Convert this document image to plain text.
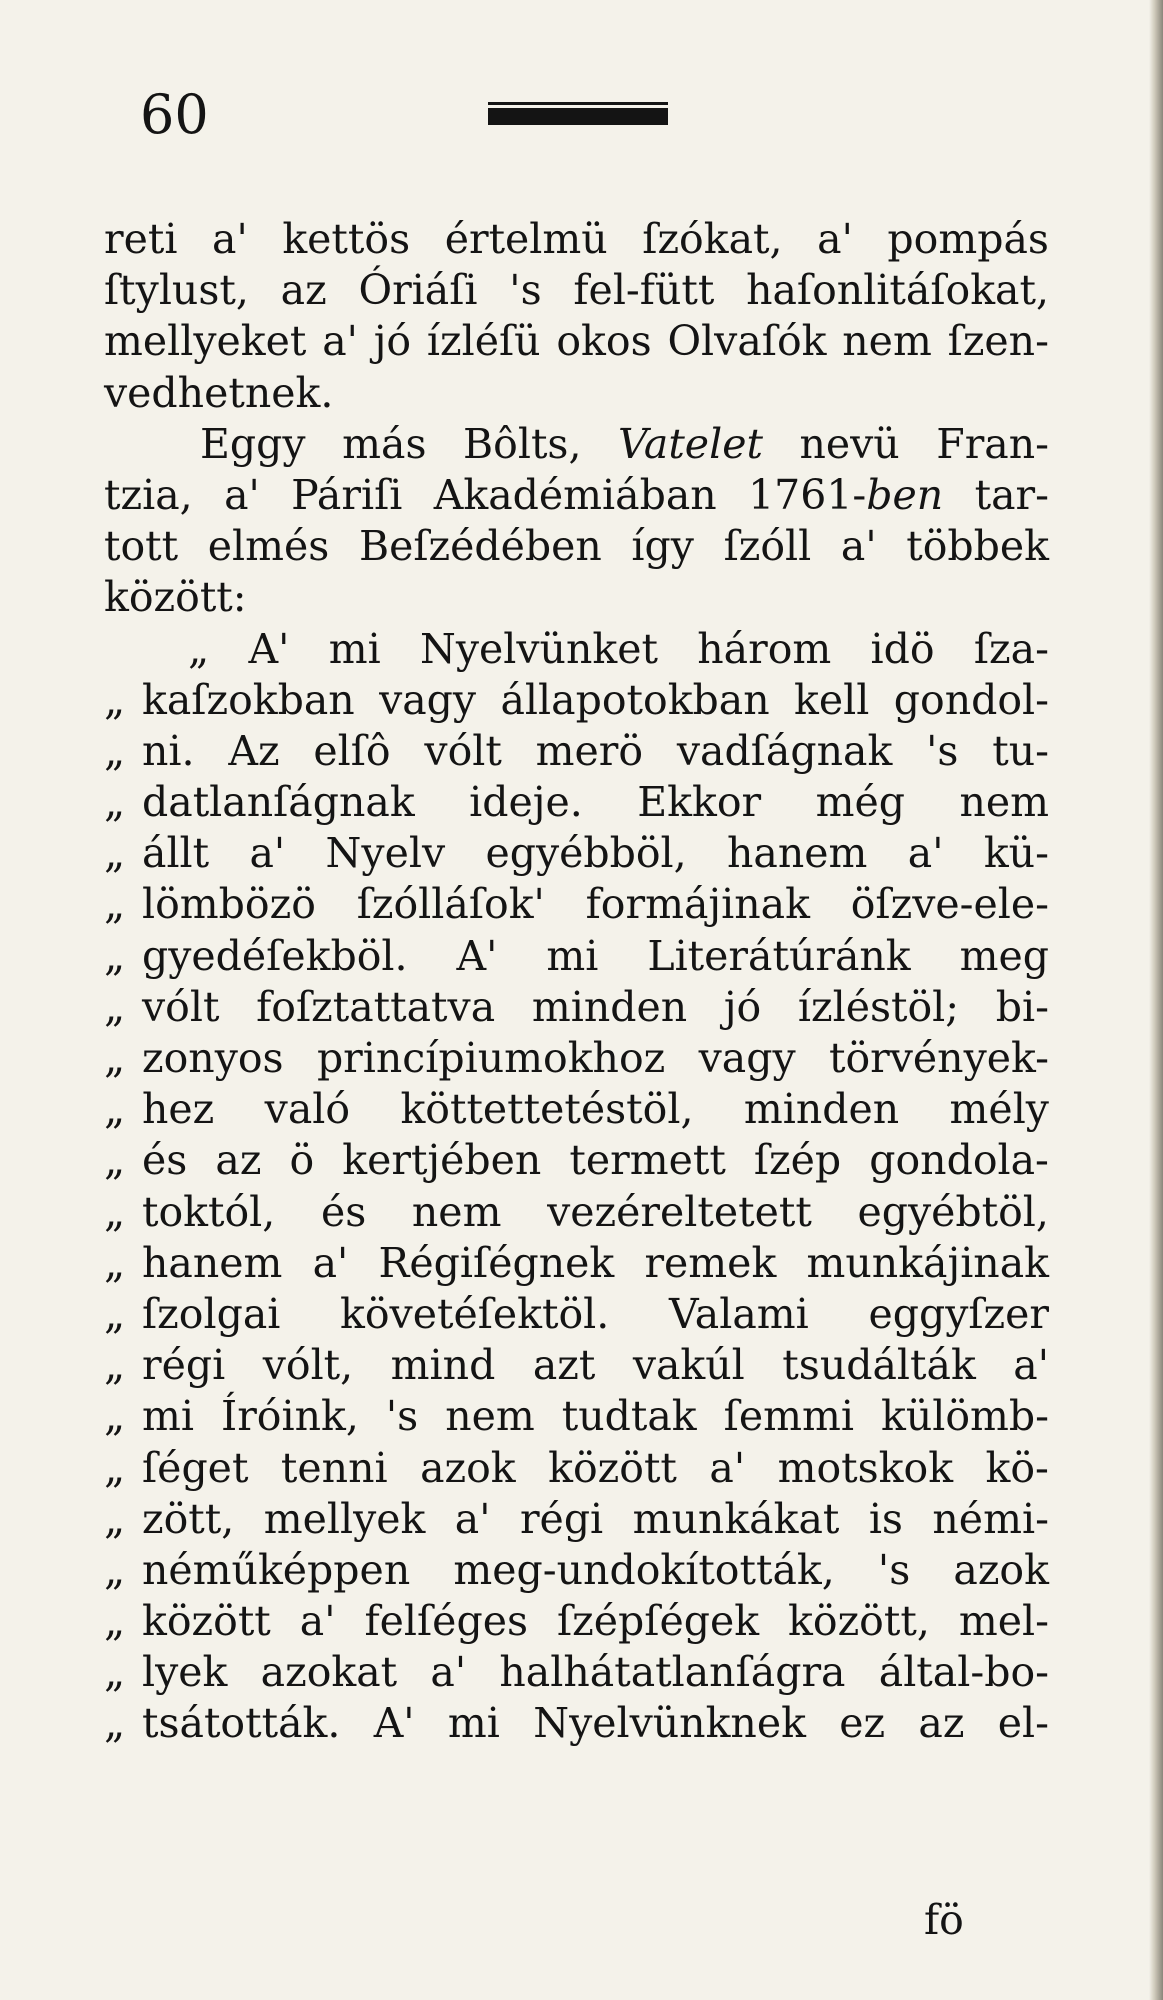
60
reti a' kettös értelmü ſzókat, a' pompás
ſtylust, az Óriáſi 's fel-fütt haſonlitáſokat,
mellyeket a' jó ízléſü okos Olvaſók nem ſzen-
vedhetnek.
Eggy más Bôlts, Vatelet nevü Fran-
tzia, a' Páriſi Akadémiában 1761-ben tar-
tott elmés Beſzédében így ſzóll a' többek
között:
„ A' mi Nyelvünket három idö ſza-
„ kaſzokban vagy állapotokban kell gondol-
„ ni. Az elſô vólt merö vadſágnak 's tu-
„ datlanſágnak ideje. Ekkor még nem
„ állt a' Nyelv egyébböl, hanem a' kü-
„ lömbözö ſzólláſok' formájinak öſzve-ele-
„ gyedéſekböl. A' mi Literátúránk meg
„ vólt foſztattatva minden jó ízléstöl; bi-
„ zonyos princípiumokhoz vagy törvények-
„ hez való köttettetéstöl, minden mély
„ és az ö kertjében termett ſzép gondola-
„ toktól, és nem vezéreltetett egyébtöl,
„ hanem a' Régiſégnek remek munkájinak
„ ſzolgai követéſektöl. Valami eggyſzer
„ régi vólt, mind azt vakúl tsudálták a'
„ mi Íróink, 's nem tudtak ſemmi külömb-
„ ſéget tenni azok között a' motskok kö-
„ zött, mellyek a' régi munkákat is némi-
„ néműképpen meg-undokították, 's azok
„ között a' felſéges ſzépſégek között, mel-
„ lyek azokat a' halhátatlanſágra által-bo-
„ tsátották. A' mi Nyelvünknek ez az el-
fö
